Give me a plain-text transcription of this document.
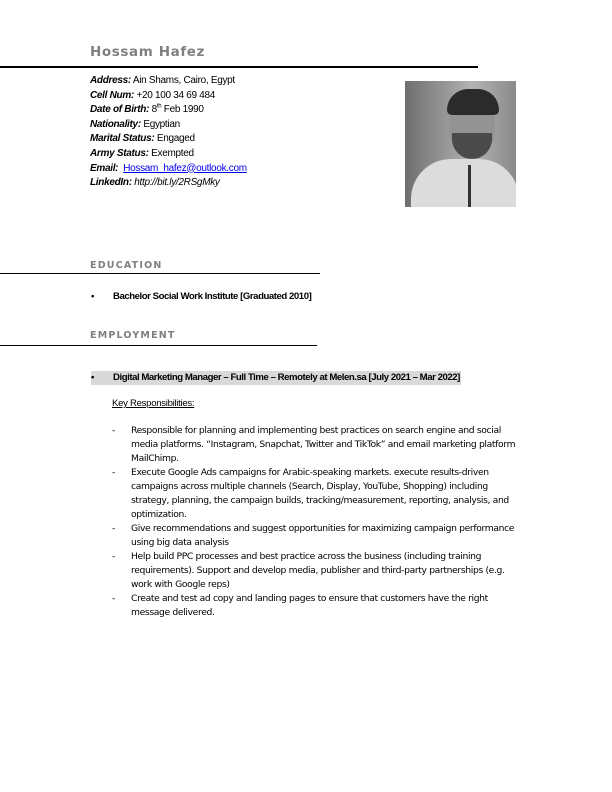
Hossam Hafez
Address: Ain Shams, Cairo, Egypt
Cell Num: +20 100 34 69 484
Date of Birth: 8th Feb 1990
Nationality: Egyptian
Marital Status: Engaged
Army Status: Exempted
Email: Hossam_hafez@outlook.com
LinkedIn: http://bit.ly/2RSgMky
EDUCATION
• Bachelor Social Work Institute [Graduated 2010]
EMPLOYMENT
• Digital Marketing Manager – Full Time – Remotely at Melen.sa [July 2021 – Mar 2022]
Key Responsibilities:
- Responsible for planning and implementing best practices on search engine and social media platforms. “Instagram, Snapchat, Twitter and TikTok” and email marketing platform MailChimp.
- Execute Google Ads campaigns for Arabic-speaking markets. execute results-driven campaigns across multiple channels (Search, Display, YouTube, Shopping) including strategy, planning, the campaign builds, tracking/measurement, reporting, analysis, and optimization.
- Give recommendations and suggest opportunities for maximizing campaign performance using big data analysis
- Help build PPC processes and best practice across the business (including training requirements). Support and develop media, publisher and third-party partnerships (e.g. work with Google reps)
- Create and test ad copy and landing pages to ensure that customers have the right message delivered.
